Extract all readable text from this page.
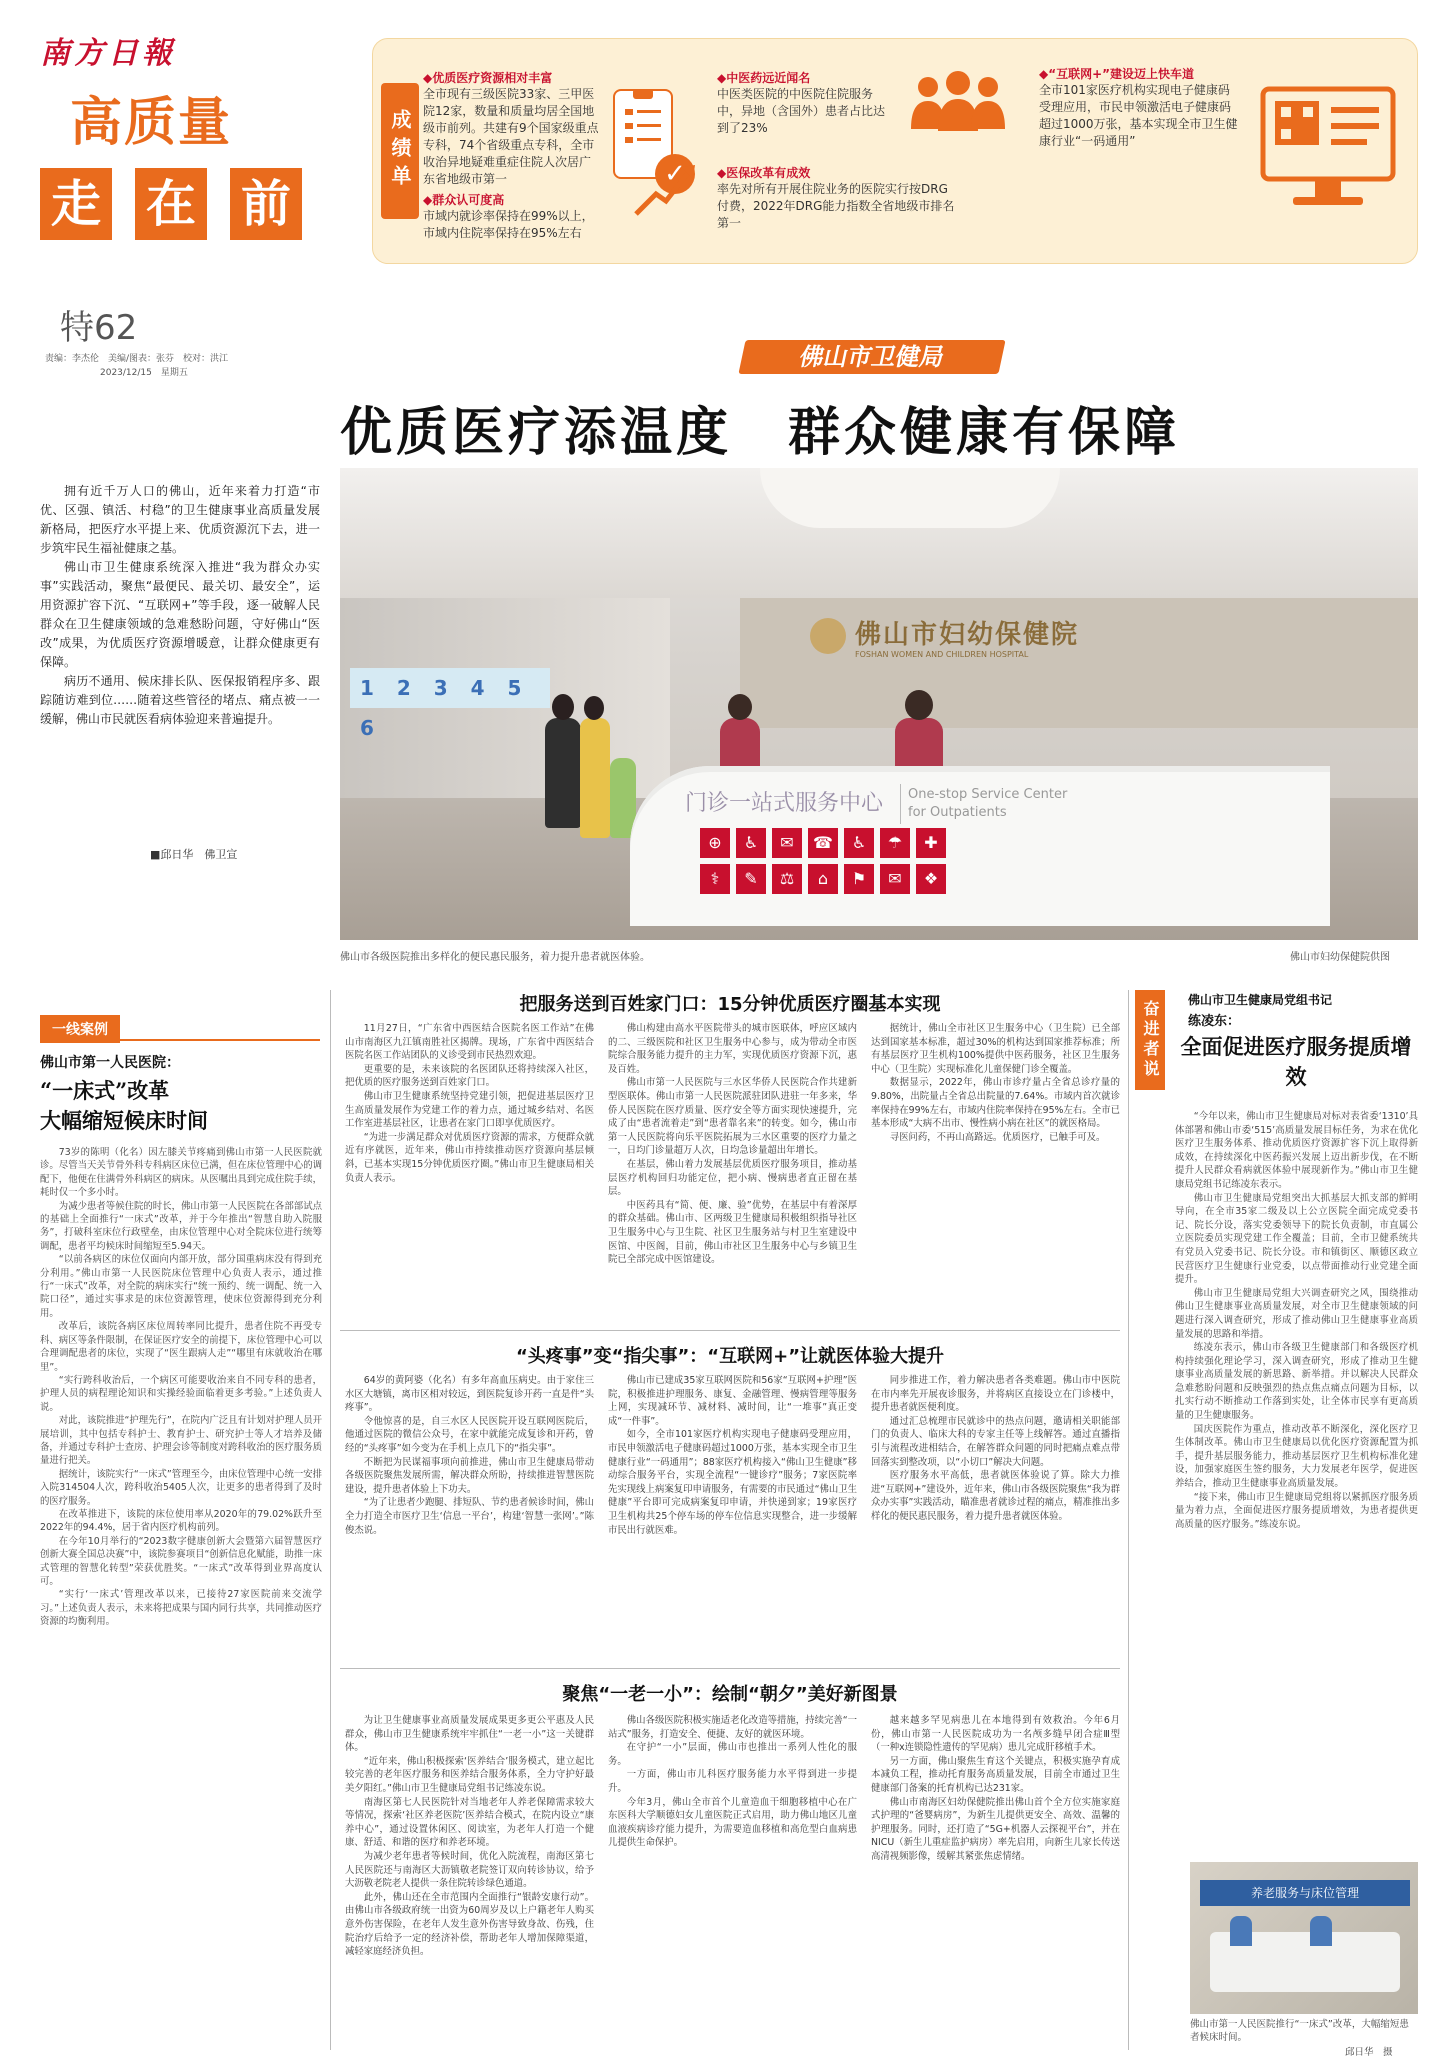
南方日報
高质量
走 在 前
特62
责编：李杰伦　美编/图表：张芬　校对：洪江
2023/12/15　星期五
成绩单
◆优质医疗资源相对丰富
全市现有三级医院33家、三甲医院12家，数量和质量均居全国地级市前列。共建有9个国家级重点专科，74个省级重点专科，全市收治异地疑难重症住院人次居广东省地级市第一
◆群众认可度高
市域内就诊率保持在99%以上，市域内住院率保持在95%左右
✓
◆中医药远近闻名
中医类医院的中医院住院服务中，异地（含国外）患者占比达到了23%
◆医保改革有成效
率先对所有开展住院业务的医院实行按DRG付费，2022年DRG能力指数全省地级市排名第一
◆“互联网+”建设迈上快车道
全市101家医疗机构实现电子健康码受理应用，市民申领激活电子健康码超过1000万张，基本实现全市卫生健康行业“一码通用”
佛山市卫健局
优质医疗添温度　群众健康有保障

拥有近千万人口的佛山，近年来着力打造“市优、区强、镇活、村稳”的卫生健康事业高质量发展新格局，把医疗水平提上来、优质资源沉下去，进一步筑牢民生福祉健康之基。

佛山市卫生健康系统深入推进“我为群众办实事”实践活动，聚焦“最便民、最关切、最安全”，运用资源扩容下沉、“互联网+”等手段，逐一破解人民群众在卫生健康领域的急难愁盼问题，守好佛山“医改”成果，为优质医疗资源增暖意，让群众健康更有保障。

病历不通用、候床排长队、医保报销程序多、跟踪随访难到位……随着这些管径的堵点、痛点被一一缓解，佛山市民就医看病体验迎来普遍提升。

■邱日华　佛卫宣
1 2 3 4 5 6
佛山市妇幼保健院
FOSHAN WOMEN AND CHILDREN HOSPITAL
门诊一站式服务中心 One-stop Service Center
for Outpatients
⊕	♿	✉	☎	♿	☂	✚
⚕	✎	⚖	⌂	⚑	✉	❖
佛山市各级医院推出多样化的便民惠民服务，着力提升患者就医体验。	佛山市妇幼保健院供图
一线案例
佛山市第一人民医院：
“一床式”改革
大幅缩短候床时间

73岁的陈明（化名）因左膝关节疼痛到佛山市第一人民医院就诊。尽管当天关节骨外科专科病区床位已满，但在床位管理中心的调配下，他便在住满骨外科病区的病床。从医嘱出具到完成住院手续，耗时仅一个多小时。

为减少患者等候住院的时长，佛山市第一人民医院在各部部试点的基础上全面推行“一床式”改革，并于今年推出“智慧自助入院服务”，打破科室床位行政壁垒，由床位管理中心对全院床位进行统筹调配，患者平均候床时间缩短至5.94天。

“以前各病区的床位仅面向内部开放，部分国重病床没有得到充分利用。”佛山市第一人民医院床位管理中心负责人表示，通过推行“一床式”改革，对全院的病床实行“统一预约、统一调配、统一入院口径”，通过实事求是的床位资源管理，使床位资源得到充分利用。

改革后，该院各病区床位周转率同比提升，患者住院不再受专科、病区等条件限制，在保证医疗安全的前提下，床位管理中心可以合理调配患者的床位，实现了“医生跟病人走”“哪里有床就收治在哪里”。

“实行跨科收治后，一个病区可能要收治来自不同专科的患者，护理人员的病程理论知识和实操经验面临着更多考验。”上述负责人说。

对此，该院推进“护理先行”，在院内广泛且有计划对护理人员开展培训，其中包括专科护士、教育护士、研究护士等人才培养及储备，并通过专科护士查房、护理会诊等制度对跨科收治的医疗服务质量进行把关。

据统计，该院实行“一床式”管理至今，由床位管理中心统一安排入院314504人次，跨科收治5405人次，让更多的患者得到了及时的医疗服务。

在改革推进下，该院的床位使用率从2020年的79.02%跃升至2022年的94.4%，居于省内医疗机构前列。

在今年10月举行的“2023数字健康创新大会暨第六届智慧医疗创新大赛全国总决赛”中，该院参赛项目“创新信息化赋能，助推一床式管理的智慧化转型”荣获优胜奖。“一床式”改革得到业界高度认可。

“实行‘一床式’管理改革以来，已接待27家医院前来交流学习。”上述负责人表示，未来将把成果与国内同行共享，共同推动医疗资源的均衡利用。

把服务送到百姓家门口：15分钟优质医疗圈基本实现

11月27日，“广东省中西医结合医院名医工作站”在佛山市南海区九江镇南胜社区揭牌。现场，广东省中西医结合医院名医工作站团队的义诊受到市民热烈欢迎。

更重要的是，未来该院的名医团队还将持续深入社区，把优质的医疗服务送到百姓家门口。

佛山市卫生健康系统坚持党建引领，把促进基层医疗卫生高质量发展作为党建工作的着力点，通过城乡结对、名医工作室进基层社区，让患者在家门口即享优质医疗。

“为进一步满足群众对优质医疗资源的需求，方便群众就近有序就医，近年来，佛山市持续推动医疗资源向基层倾斜，已基本实现15分钟优质医疗圈。”佛山市卫生健康局相关负责人表示。

佛山构建由高水平医院带头的城市医联体，呼应区域内的二、三级医院和社区卫生服务中心参与，成为带动全市医院综合服务能力提升的主力军，实现优质医疗资源下沉，惠及百姓。

佛山市第一人民医院与三水区华侨人民医院合作共建新型医联体。佛山市第一人民医院派驻团队进驻一年多来，华侨人民医院在医疗质量、医疗安全等方面实现快速提升，完成了由“患者流着走”到“患者靠名来”的转变。如今，佛山市第一人民医院将向乐平医院拓展为三水区重要的医疗力量之一，日均门诊量超万人次，日均急诊量超出年增长。

在基层，佛山着力发展基层优质医疗服务项目，推动基层医疗机构回归功能定位，把小病、慢病患者直正留在基层。

中医药具有“简、便、廉、验”优势，在基层中有着深厚的群众基础。佛山市、区两级卫生健康局积极组织指导社区卫生服务中心与卫生院、社区卫生服务站与村卫生室建设中医馆、中医阁，目前，佛山市社区卫生服务中心与乡镇卫生院已全部完成中医馆建设。

据统计，佛山全市社区卫生服务中心（卫生院）已全部达到国家基本标准，超过30%的机构达到国家推荐标准；所有基层医疗卫生机构100%提供中医药服务，社区卫生服务中心（卫生院）实现标准化儿童保健门诊全覆盖。

数据显示，2022年，佛山市诊疗量占全省总诊疗量的9.80%，出院量占全省总出院量的7.64%。市域内首次就诊率保持在99%左右，市域内住院率保持在95%左右。全市已基本形成“大病不出市、慢性病小病在社区”的就医格局。

寻医问药，不再山高路远。优质医疗，已触手可及。

“头疼事”变“指尖事”：“互联网+”让就医体验大提升

64岁的黄阿婆（化名）有多年高血压病史。由于家住三水区大塘镇，离市区相对较远，到医院复诊开药一直是件“头疼事”。

令他惊喜的是，自三水区人民医院开设互联网医院后，他通过医院的微信公众号，在家中就能完成复诊和开药，曾经的“头疼事”如今变为在手机上点几下的“指尖事”。

不断把为民谋福事项向前推进，佛山市卫生健康局带动各级医院聚焦发展所需，解决群众所盼，持续推进智慧医院建设，提升患者体验上下功夫。

“为了让患者少跑腿、排短队、节约患者候诊时间，佛山全力打造全市医疗卫生‘信息一平台’，构建‘智慧一张网’。”陈俊杰说。

佛山市已建成35家互联网医院和56家“互联网+护理”医院，积极推进护理服务、康复、金融管理、慢病管理等服务上网，实现减环节、减材料、减时间，让“一堆事”真正变成“一件事”。

如今，全市101家医疗机构实现电子健康码受理应用，市民申领激活电子健康码超过1000万张，基本实现全市卫生健康行业“一码通用”；88家医疗机构接入“佛山卫生健康”移动综合服务平台，实现全流程“一键诊疗”服务；7家医院率先实现线上病案复印申请服务，有需要的市民通过“佛山卫生健康”平台即可完成病案复印申请，并快递到家；19家医疗卫生机构共25个停车场的停车位信息实现整合，进一步缓解市民出行就医难。

同步推进工作，着力解决患者各类难题。佛山市中医院在市内率先开展夜诊服务，并将病区直接设立在门诊楼中，提升患者就医便利度。

通过汇总梳理市民就诊中的热点问题，邀请相关职能部门的负责人、临床大科的专家主任等上线解答。通过直播指引与流程改进相结合，在解答群众问题的同时把痛点难点带回落实到整改项，以“小切口”解决大问题。

医疗服务水平高低，患者就医体验说了算。除大力推进“互联网+”建设外，近年来，佛山市各级医院聚焦“我为群众办实事”实践活动，瞄准患者就诊过程的痛点，精准推出多样化的便民惠民服务，着力提升患者就医体验。

聚焦“一老一小”：绘制“朝夕”美好新图景

为让卫生健康事业高质量发展成果更多更公平惠及人民群众，佛山市卫生健康系统牢牢抓住“一老一小”这一关键群体。

“近年来，佛山积极探索‘医养结合’服务模式，建立起比较完善的老年医疗服务和医养结合服务体系，全力守护好最美夕阳红。”佛山市卫生健康局党组书记练凌东说。

南海区第七人民医院针对当地老年人养老保障需求较大等情况，探索‘社区养老医院’医养结合模式，在院内设立“康养中心”，通过设置休闲区、阅读室，为老年人打造一个健康、舒适、和谐的医疗和养老环境。

为减少老年患者等候时间，优化入院流程，南海区第七人民医院还与南海区大沥镇敬老院签订双向转诊协议，给予大沥敬老院老人提供一条住院转诊绿色通道。

此外，佛山还在全市范围内全面推行“银龄安康行动”。由佛山市各级政府统一出资为60周岁及以上户籍老年人购买意外伤害保险，在老年人发生意外伤害导致身故、伤残，住院治疗后给予一定的经济补偿，帮助老年人增加保障渠道，减轻家庭经济负担。

佛山各级医院积极实施适老化改造等措施，持续完善“一站式”服务，打造安全、便捷、友好的就医环境。

在守护“一小”层面，佛山市也推出一系列人性化的服务。

一方面，佛山市儿科医疗服务能力水平得到进一步提升。

今年3月，佛山全市首个儿童造血干细胞移植中心在广东医科大学顺德妇女儿童医院正式启用，助力佛山地区儿童血液疾病诊疗能力提升，为需要造血移植和高危型白血病患儿提供生命保护。

越来越多罕见病患儿在本地得到有效救治。今年6月份，佛山市第一人民医院成功为一名颅多缝早闭合症Ⅲ型（一种x连锁隐性遗传的罕见病）患儿完成肝移植手术。

另一方面，佛山聚焦生育这个关键点，积极实施孕育成本减负工程，推动托育服务高质量发展，目前全市通过卫生健康部门备案的托育机构已达231家。

佛山市南海区妇幼保健院推出佛山首个全方位实施家庭式护理的“爸婴病房”，为新生儿提供更安全、高效、温馨的护理服务。同时，还打造了“5G+机器人云探视平台”，并在NICU（新生儿重症监护病房）率先启用，向新生儿家长传送高清视频影像，缓解其紧张焦虑情绪。

奋进者说	佛山市卫生健康局党组书记
练凌东：
全面促进医疗服务提质增效

“今年以来，佛山市卫生健康局对标对表省委‘1310’具体部署和佛山市委‘515’高质量发展目标任务，为求在优化医疗卫生服务体系、推动优质医疗资源扩容下沉上取得新成效，在持续深化中医药振兴发展上迈出新步伐，在不断提升人民群众看病就医体验中展现新作为。”佛山市卫生健康局党组书记练凌东表示。

佛山市卫生健康局党组突出大抓基层大抓支部的鲜明导向，在全市35家二级及以上公立医院全面完成党委书记、院长分设，落实党委领导下的院长负责制，市直属公立医院委员实现党建工作全覆盖；目前，全市卫健系统共有党员入党委书记、院长分设。市和镇街区、顺德区政立民营医疗卫生健康行业党委，以点带面推动行业党建全面提升。

佛山市卫生健康局党组大兴调查研究之风，围绕推动佛山卫生健康事业高质量发展，对全市卫生健康领域的问题进行深入调查研究，形成了推动佛山卫生健康事业高质量发展的思路和举措。

练凌东表示，佛山市各级卫生健康部门和各级医疗机构持续强化理论学习，深入调查研究，形成了推动卫生健康事业高质量发展的新思路、新举措。并以解决人民群众急难愁盼问题和反映强烈的热点焦点痛点问题为目标，以扎实行动不断推动工作落到实处，让全体市民享有更高质量的卫生健康服务。

国庆医院作为重点，推动改革不断深化，深化医疗卫生体制改革。佛山市卫生健康局以优化医疗资源配置为抓手，提升基层服务能力，推动基层医疗卫生机构标准化建设，加强家庭医生签约服务，大力发展老年医学，促进医养结合，推动卫生健康事业高质量发展。

“接下来，佛山市卫生健康局党组将以紧抓医疗服务质量为着力点，全面促进医疗服务提质增效，为患者提供更高质量的医疗服务。”练凌东说。

养老服务与床位管理
佛山市第一人民医院推行“一床式”改革，大幅缩短患者候床时间。
邱日华　摄
